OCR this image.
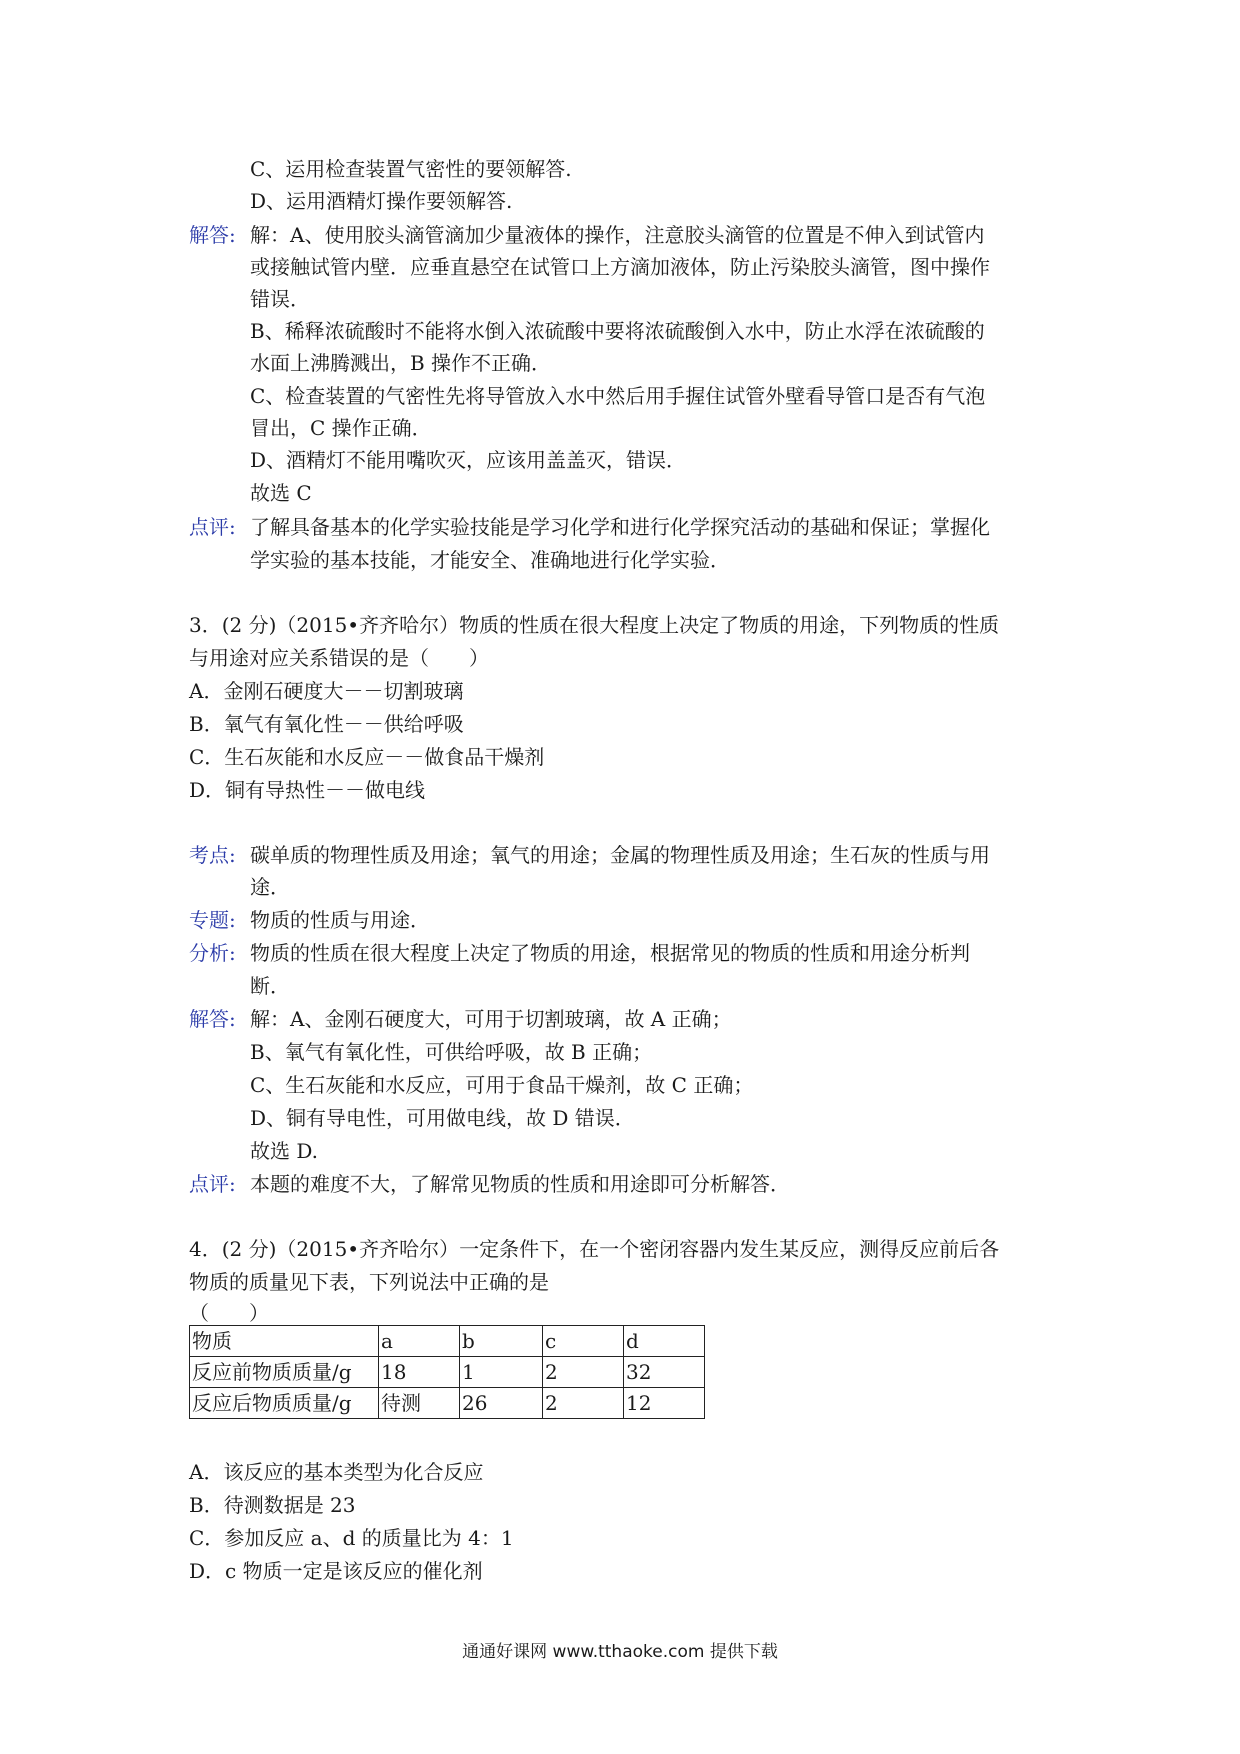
C、运用检查装置气密性的要领解答.
D、运用酒精灯操作要领解答.
解答: 解：A、使用胶头滴管滴加少量液体的操作，注意胶头滴管的位置是不伸入到试管内
或接触试管内壁．应垂直悬空在试管口上方滴加液体，防止污染胶头滴管，图中操作
错误．
B、稀释浓硫酸时不能将水倒入浓硫酸中要将浓硫酸倒入水中，防止水浮在浓硫酸的
水面上沸腾溅出，B 操作不正确．
C、检查装置的气密性先将导管放入水中然后用手握住试管外壁看导管口是否有气泡
冒出，C 操作正确．
D、酒精灯不能用嘴吹灭，应该用盖盖灭，错误．
故选 C
点评: 了解具备基本的化学实验技能是学习化学和进行化学探究活动的基础和保证；掌握化
学实验的基本技能，才能安全、准确地进行化学实验．
3．(2 分)（2015•齐齐哈尔）物质的性质在很大程度上决定了物质的用途，下列物质的性质
与用途对应关系错误的是（　　）
A．金刚石硬度大－－切割玻璃
B．氧气有氧化性－－供给呼吸
C．生石灰能和水反应－－做食品干燥剂
D．铜有导热性－－做电线
考点: 碳单质的物理性质及用途；氧气的用途；金属的物理性质及用途；生石灰的性质与用
途．
专题: 物质的性质与用途．
分析: 物质的性质在很大程度上决定了物质的用途，根据常见的物质的性质和用途分析判
断．
解答: 解：A、金刚石硬度大，可用于切割玻璃，故 A 正确；
B、氧气有氧化性，可供给呼吸，故 B 正确；
C、生石灰能和水反应，可用于食品干燥剂，故 C 正确；
D、铜有导电性，可用做电线，故 D 错误．
故选 D.
点评: 本题的难度不大，了解常见物质的性质和用途即可分析解答．
4．(2 分)（2015•齐齐哈尔）一定条件下，在一个密闭容器内发生某反应，测得反应前后各
物质的质量见下表，下列说法中正确的是
（　　）
物质	a	b	c	d
反应前物质质量/g	18	1	2	32
反应后物质质量/g	待测	26	2	12
A．该反应的基本类型为化合反应
B．待测数据是 23
C．参加反应 a、d 的质量比为 4：1
D．c 物质一定是该反应的催化剂
通通好课网 www.tthaoke.com 提供下载
